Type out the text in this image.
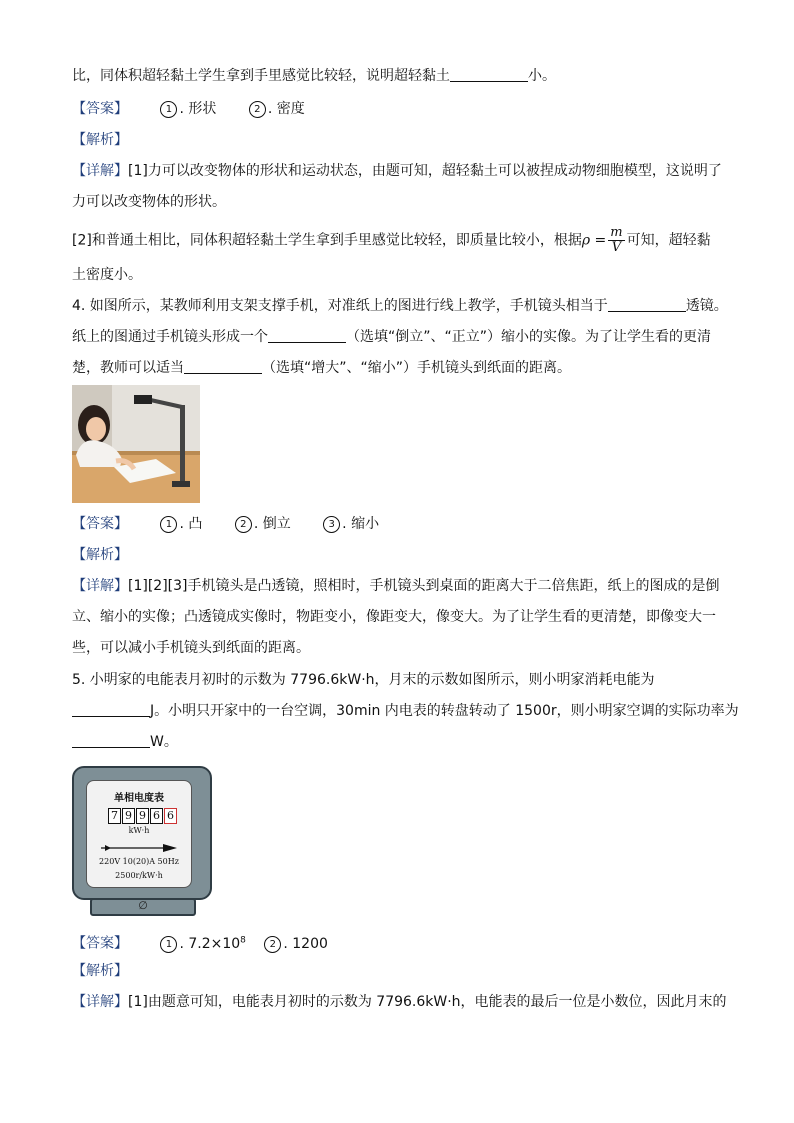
比，同体积超轻黏土学生拿到手里感觉比较轻，说明超轻黏土	小。
【答案】	1 . 形状	2 . 密度
【解析】
【详解】[1]力可以改变物体的形状和运动状态，由题可知，超轻黏土可以被捏成动物细胞模型，这说明了
力可以改变物体的形状。
[2]和普通土相比，同体积超轻黏土学生拿到手里感觉比较轻，即质量比较小，根据$\rho = \frac{m}{V}$ 可知，超轻黏
土密度小。
4. 如图所示，某教师利用支架支撑手机，对准纸上的图进行线上教学，手机镜头相当于	透镜。
纸上的图通过手机镜头形成一个	（选填“倒立”、“正立”）缩小的实像。为了让学生看的更清
楚，教师可以适当	（选填“增大”、“缩小”）手机镜头到纸面的距离。
【答案】	1 . 凸	2 . 倒立	3 . 缩小
【解析】
【详解】[1][2][3]手机镜头是凸透镜，照相时，手机镜头到桌面的距离大于二倍焦距，纸上的图成的是倒
立、缩小的实像；凸透镜成实像时，物距变小，像距变大，像变大。为了让学生看的更清楚，即像变大一
些，可以减小手机镜头到纸面的距离。
5. 小明家的电能表月初时的示数为 7796.6kW·h，月末的示数如图所示，则小明家消耗电能为
J。小明只开家中的一台空调，30min 内电表的转盘转动了 1500r，则小明家空调的实际功率为
W。
单相电度表
7 9 9 6 6
kW·h
220V 10(20)A 50Hz
2500r/kW·h
∅
【答案】	1 . $7.2\times 10^8$ 2 . 1200
【解析】
【详解】[1]由题意可知，电能表月初时的示数为 7796.6kW·h，电能表的最后一位是小数位，因此月末的
